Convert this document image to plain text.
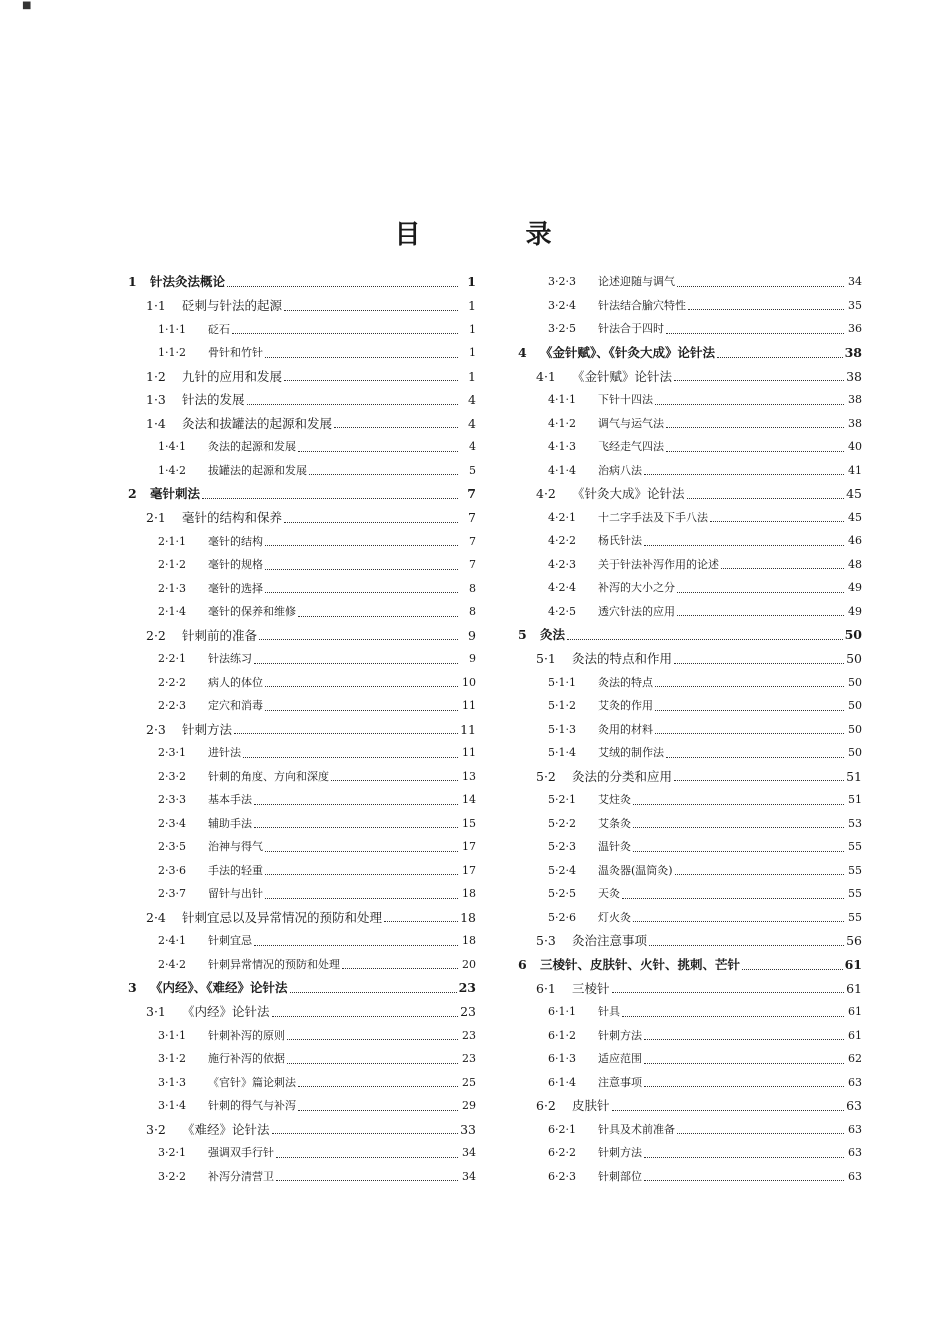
■
目 录
1	针法灸法概论	1
1·1	砭刺与针法的起源	1
1·1·1	砭石	1
1·1·2	骨针和竹针	1
1·2	九针的应用和发展	1
1·3	针法的发展	4
1·4	灸法和拔罐法的起源和发展	4
1·4·1	灸法的起源和发展	4
1·4·2	拔罐法的起源和发展	5
2	毫针刺法	7
2·1	毫针的结构和保养	7
2·1·1	毫针的结构	7
2·1·2	毫针的规格	7
2·1·3	毫针的选择	8
2·1·4	毫针的保养和维修	8
2·2	针刺前的准备	9
2·2·1	针法练习	9
2·2·2	病人的体位	10
2·2·3	定穴和消毒	11
2·3	针刺方法	11
2·3·1	进针法	11
2·3·2	针刺的角度、方向和深度	13
2·3·3	基本手法	14
2·3·4	辅助手法	15
2·3·5	治神与得气	17
2·3·6	手法的轻重	17
2·3·7	留针与出针	18
2·4	针刺宜忌以及异常情况的预防和处理	18
2·4·1	针刺宜忌	18
2·4·2	针刺异常情况的预防和处理	20
3	《内经》、《难经》论针法	23
3·1	《内经》论针法	23
3·1·1	针刺补泻的原则	23
3·1·2	施行补泻的依据	23
3·1·3	《官针》篇论刺法	25
3·1·4	针刺的得气与补泻	29
3·2	《难经》论针法	33
3·2·1	强调双手行针	34
3·2·2	补泻分清营卫	34
3·2·3	论述迎随与调气	34
3·2·4	针法结合腧穴特性	35
3·2·5	针法合于四时	36
4	《金针赋》、《针灸大成》论针法	38
4·1	《金针赋》论针法	38
4·1·1	下针十四法	38
4·1·2	调气与运气法	38
4·1·3	飞经走气四法	40
4·1·4	治病八法	41
4·2	《针灸大成》论针法	45
4·2·1	十二字手法及下手八法	45
4·2·2	杨氏针法	46
4·2·3	关于针法补泻作用的论述	48
4·2·4	补泻的大小之分	49
4·2·5	透穴针法的应用	49
5	灸法	50
5·1	灸法的特点和作用	50
5·1·1	灸法的特点	50
5·1·2	艾灸的作用	50
5·1·3	灸用的材料	50
5·1·4	艾绒的制作法	50
5·2	灸法的分类和应用	51
5·2·1	艾炷灸	51
5·2·2	艾条灸	53
5·2·3	温针灸	55
5·2·4	温灸器(温筒灸)	55
5·2·5	天灸	55
5·2·6	灯火灸	55
5·3	灸治注意事项	56
6	三棱针、皮肤针、火针、挑刺、芒针	61
6·1	三棱针	61
6·1·1	针具	61
6·1·2	针刺方法	61
6·1·3	适应范围	62
6·1·4	注意事项	63
6·2	皮肤针	63
6·2·1	针具及术前准备	63
6·2·2	针刺方法	63
6·2·3	针刺部位	63
